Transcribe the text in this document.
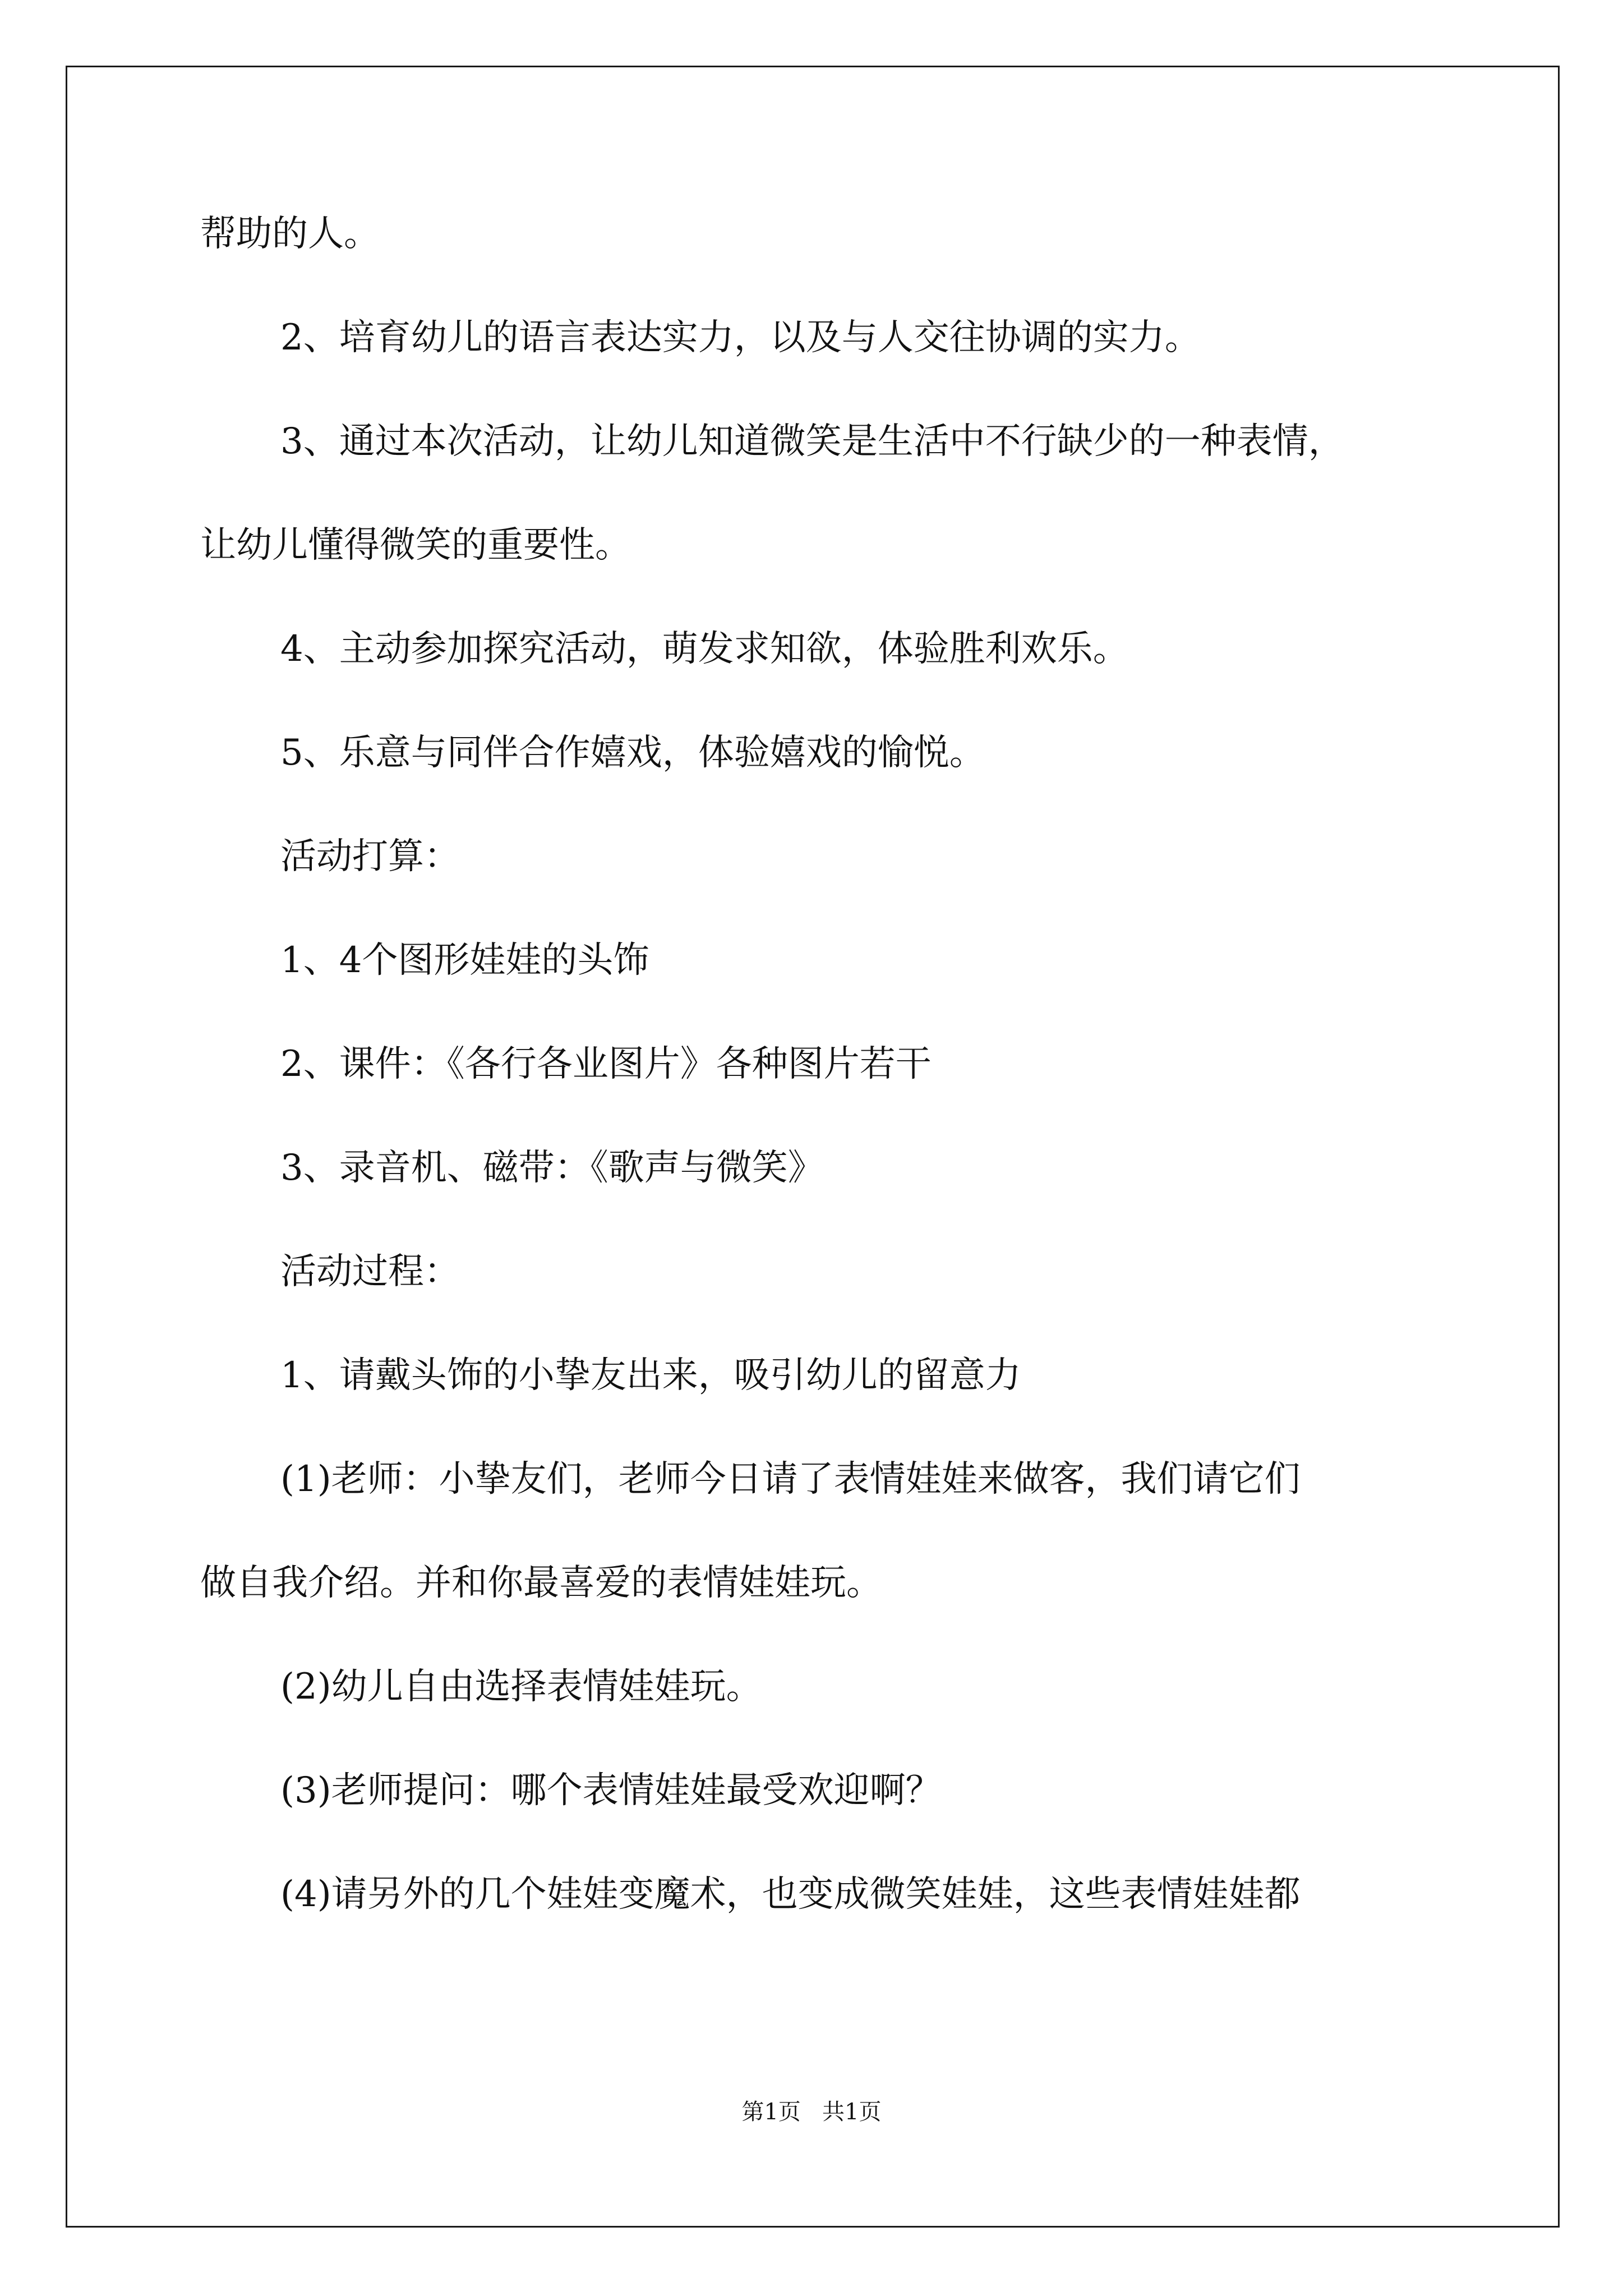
帮助的人。

2、培育幼儿的语言表达实力，以及与人交往协调的实力。

3、通过本次活动，让幼儿知道微笑是生活中不行缺少的一种表情，

让幼儿懂得微笑的重要性。

4、主动参加探究活动，萌发求知欲，体验胜利欢乐。

5、乐意与同伴合作嬉戏，体验嬉戏的愉悦。

活动打算：

1、4个图形娃娃的头饰

2、课件：《各行各业图片》各种图片若干

3、录音机、磁带：《歌声与微笑》

活动过程：

1、请戴头饰的小挚友出来，吸引幼儿的留意力

(1)老师：小挚友们，老师今日请了表情娃娃来做客，我们请它们

做自我介绍。并和你最喜爱的表情娃娃玩。

(2)幼儿自由选择表情娃娃玩。

(3)老师提问：哪个表情娃娃最受欢迎啊？

(4)请另外的几个娃娃变魔术，也变成微笑娃娃，这些表情娃娃都

第1页   共1页
